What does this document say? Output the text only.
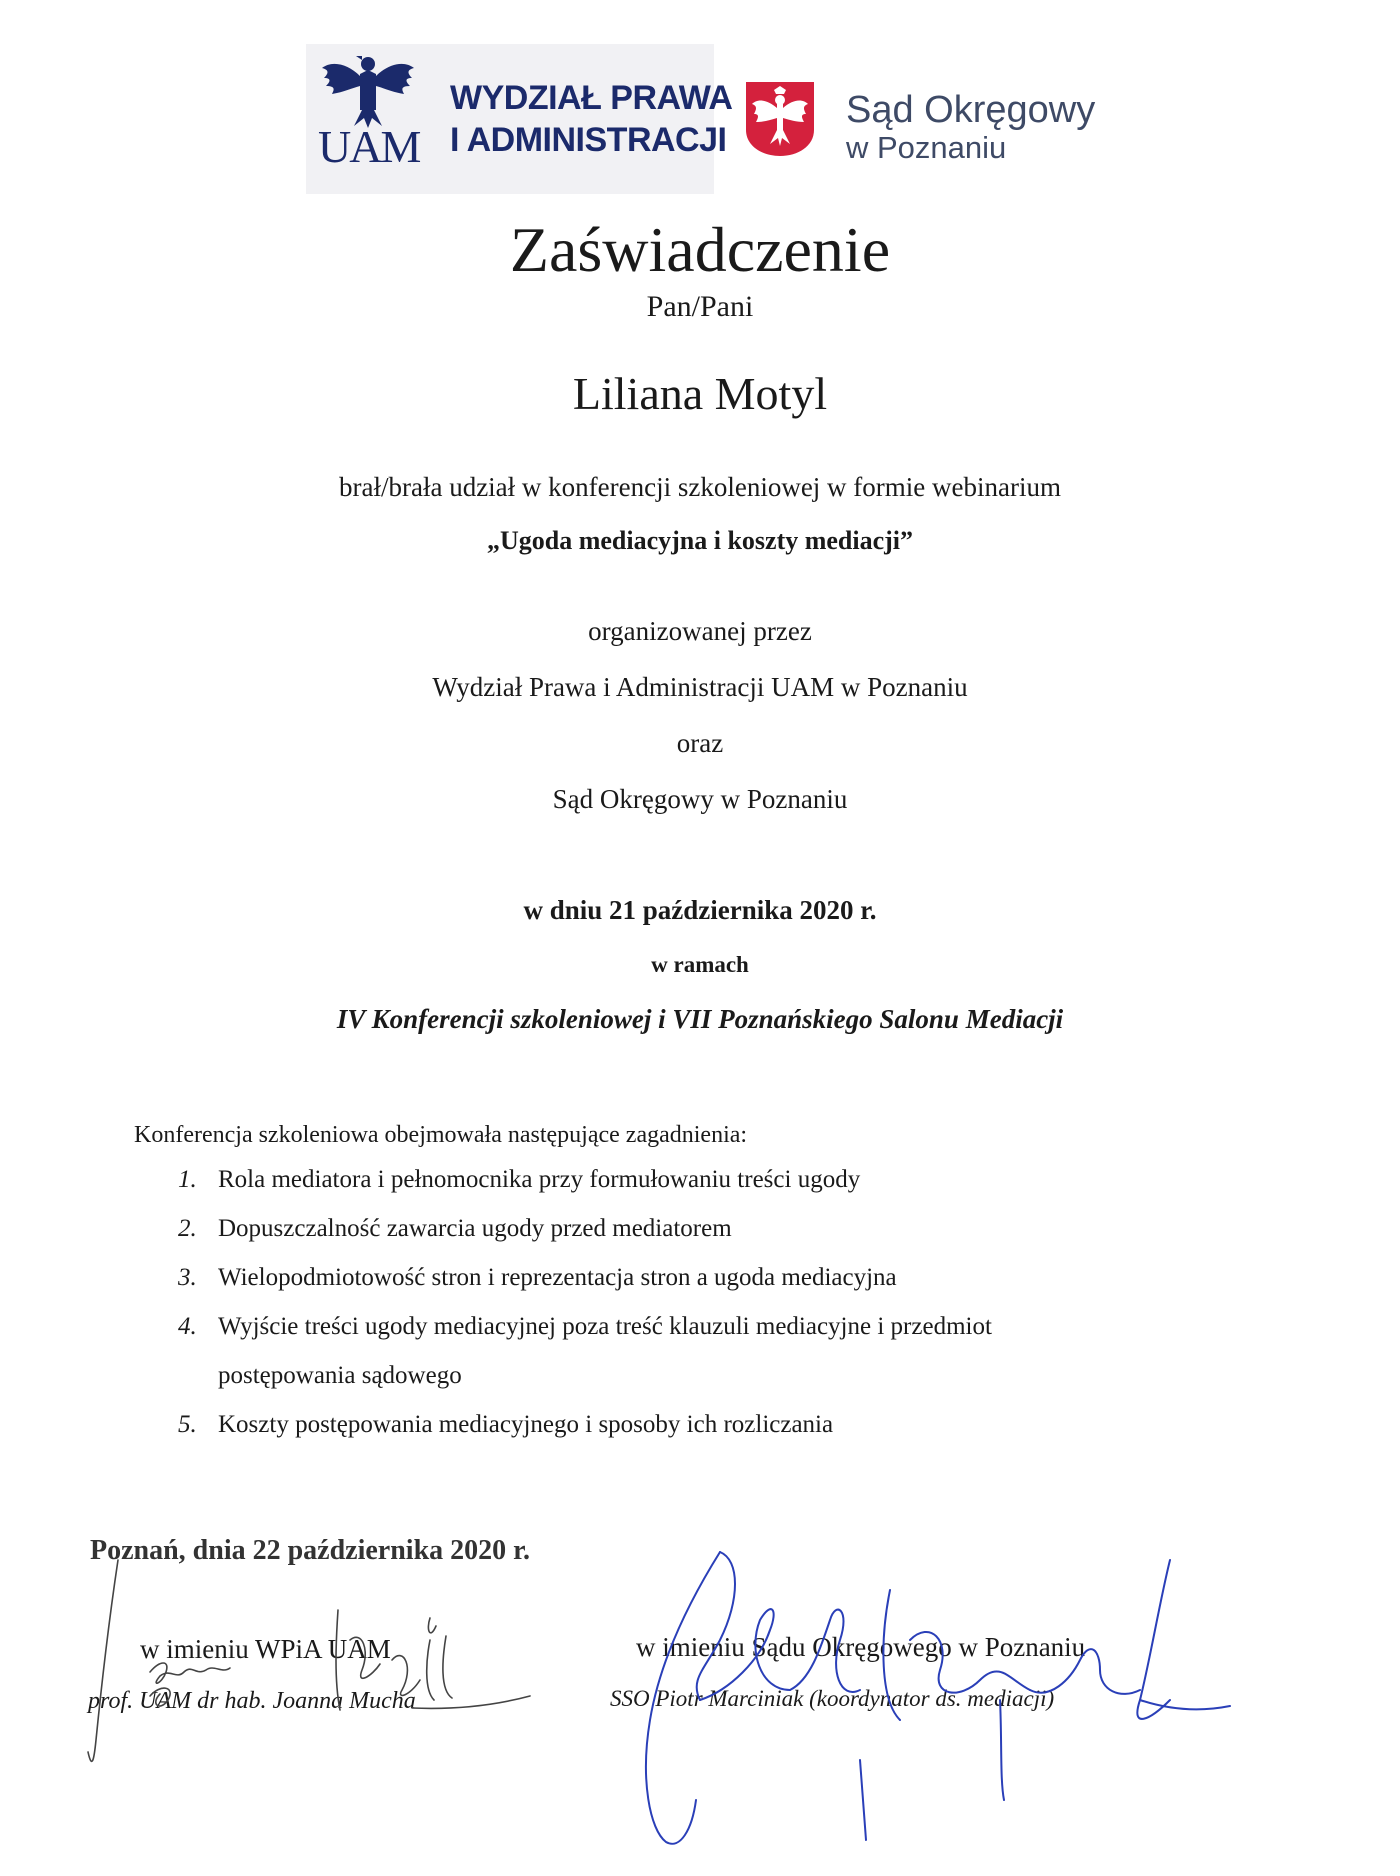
UAM
WYDZIAŁ PRAWA
I ADMINISTRACJI
Sąd Okręgowy
w Poznaniu
Zaświadczenie
Pan/Pani
Liliana Motyl
brał/brała udział w konferencji szkoleniowej w formie webinarium
„Ugoda mediacyjna i koszty mediacji”
organizowanej przez
Wydział Prawa i Administracji UAM w Poznaniu
oraz
Sąd Okręgowy w Poznaniu
w dniu 21 października 2020 r.
w ramach
IV Konferencji szkoleniowej i VII Poznańskiego Salonu Mediacji
Konferencja szkoleniowa obejmowała następujące zagadnienia:
1. Rola mediatora i pełnomocnika przy formułowaniu treści ugody
2. Dopuszczalność zawarcia ugody przed mediatorem
3. Wielopodmiotowość stron i reprezentacja stron a ugoda mediacyjna
4. Wyjście treści ugody mediacyjnej poza treść klauzuli mediacyjne i przedmiot
postępowania sądowego
5. Koszty postępowania mediacyjnego i sposoby ich rozliczania
Poznań, dnia 22 października 2020 r.
w imieniu WPiA UAM
prof. UAM dr hab. Joanna Mucha
w imieniu Sądu Okręgowego w Poznaniu
SSO Piotr Marciniak (koordynator ds. mediacji)
